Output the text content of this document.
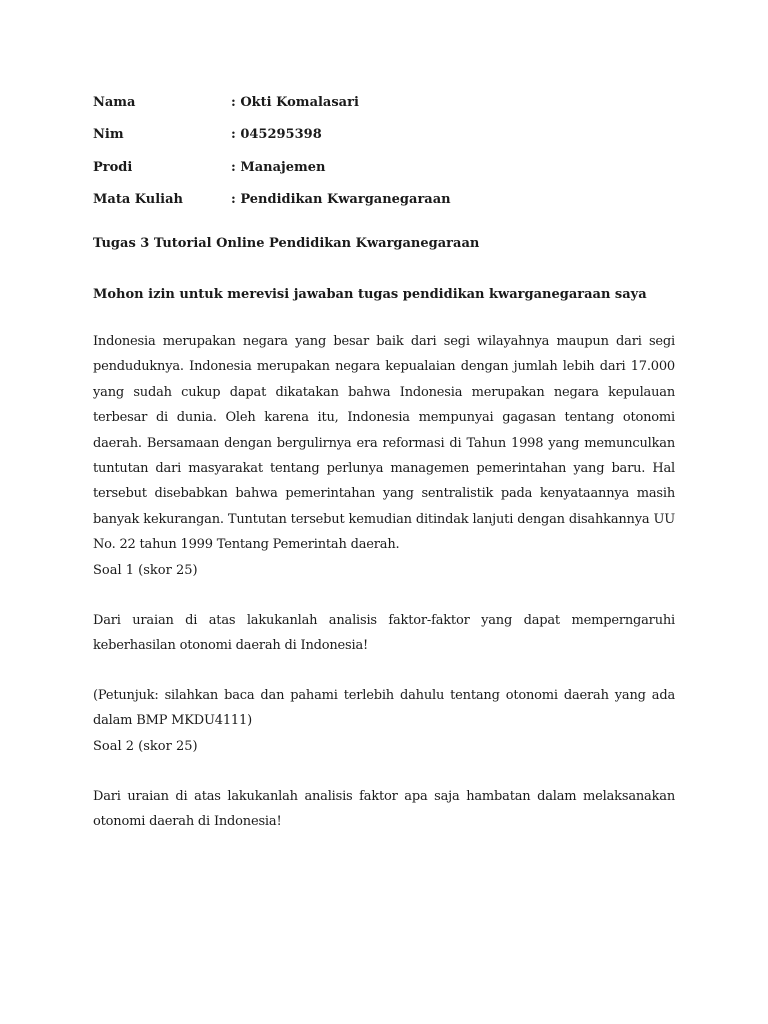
Nama	: Okti Komalasari
Nim	: 045295398
Prodi	: Manajemen
Mata Kuliah	: Pendidikan Kwarganegaraan

Tugas 3 Tutorial Online Pendidikan Kwarganegaraan

Mohon izin untuk merevisi jawaban tugas pendidikan kwarganegaraan saya

Indonesia merupakan negara yang besar baik dari segi wilayahnya maupun dari segi penduduknya. Indonesia merupakan negara kepualaian dengan jumlah lebih dari 17.000 yang sudah cukup dapat dikatakan bahwa Indonesia merupakan negara kepulauan terbesar di dunia. Oleh karena itu, Indonesia mempunyai gagasan tentang otonomi daerah. Bersamaan dengan bergulirnya era reformasi di Tahun 1998 yang memunculkan tuntutan dari masyarakat tentang perlunya managemen pemerintahan yang baru. Hal tersebut disebabkan bahwa pemerintahan yang sentralistik pada kenyataannya masih banyak kekurangan. Tuntutan tersebut kemudian ditindak lanjuti dengan disahkannya UU No. 22 tahun 1999 Tentang Pemerintah daerah.

Soal 1 (skor 25)

Dari uraian di atas lakukanlah analisis faktor-faktor yang dapat memperngaruhi keberhasilan otonomi daerah di Indonesia!

(Petunjuk: silahkan baca dan pahami terlebih dahulu tentang otonomi daerah yang ada dalam BMP MKDU4111)

Soal 2 (skor 25)

Dari uraian di atas lakukanlah analisis faktor apa saja hambatan dalam melaksanakan otonomi daerah di Indonesia!
